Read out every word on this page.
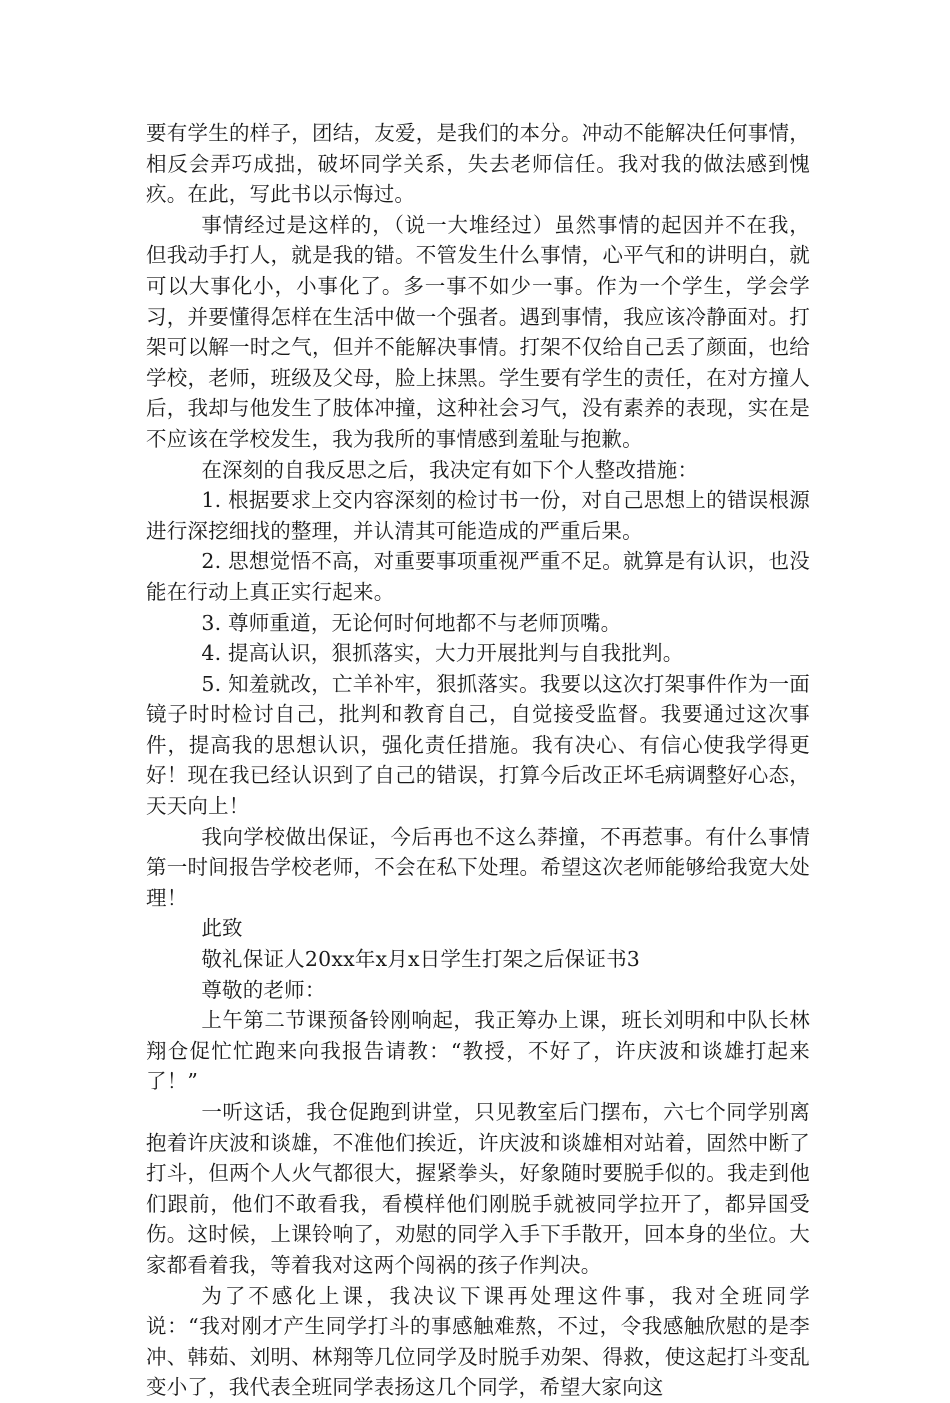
要有学生的样子，团结，友爱，是我们的本分。冲动不能解决任何事情，相反会弄巧成拙，破坏同学关系，失去老师信任。我对我的做法感到愧疚。在此，写此书以示悔过。

事情经过是这样的，（说一大堆经过）虽然事情的起因并不在我，但我动手打人，就是我的错。不管发生什么事情，心平气和的讲明白，就可以大事化小，小事化了。多一事不如少一事。作为一个学生，学会学习，并要懂得怎样在生活中做一个强者。遇到事情，我应该冷静面对。打架可以解一时之气，但并不能解决事情。打架不仅给自己丢了颜面，也给学校，老师，班级及父母，脸上抹黑。学生要有学生的责任，在对方撞人后，我却与他发生了肢体冲撞，这种社会习气，没有素养的表现，实在是不应该在学校发生，我为我所的事情感到羞耻与抱歉。

在深刻的自我反思之后，我决定有如下个人整改措施：

1. 根据要求上交内容深刻的检讨书一份，对自己思想上的错误根源进行深挖细找的整理，并认清其可能造成的严重后果。

2. 思想觉悟不高，对重要事项重视严重不足。就算是有认识，也没能在行动上真正实行起来。

3. 尊师重道，无论何时何地都不与老师顶嘴。

4. 提高认识，狠抓落实，大力开展批判与自我批判。

5. 知羞就改，亡羊补牢，狠抓落实。我要以这次打架事件作为一面镜子时时检讨自己，批判和教育自己，自觉接受监督。我要通过这次事件，提高我的思想认识，强化责任措施。我有决心、有信心使我学得更好！现在我已经认识到了自己的错误，打算今后改正坏毛病调整好心态，天天向上！

我向学校做出保证，今后再也不这么莽撞，不再惹事。有什么事情第一时间报告学校老师，不会在私下处理。希望这次老师能够给我宽大处理！

此致

敬礼保证人20xx年x月x日学生打架之后保证书3

尊敬的老师：

上午第二节课预备铃刚响起，我正筹办上课，班长刘明和中队长林翔仓促忙忙跑来向我报告请教：“教授，不好了，许庆波和谈雄打起来了！”

一听这话，我仓促跑到讲堂，只见教室后门摆布，六七个同学别离抱着许庆波和谈雄，不准他们挨近，许庆波和谈雄相对站着，固然中断了打斗，但两个人火气都很大，握紧拳头，好象随时要脱手似的。我走到他们跟前，他们不敢看我，看模样他们刚脱手就被同学拉开了，都异国受伤。这时候，上课铃响了，劝慰的同学入手下手散开，回本身的坐位。大家都看着我，等着我对这两个闯祸的孩子作判决。

为了不感化上课，我决议下课再处理这件事，我对全班同学说：“我对刚才产生同学打斗的事感触难熬，不过，令我感触欣慰的是李冲、韩茹、刘明、林翔等几位同学及时脱手劝架、得救，使这起打斗变乱变小了，我代表全班同学表扬这几个同学，希望大家向这
